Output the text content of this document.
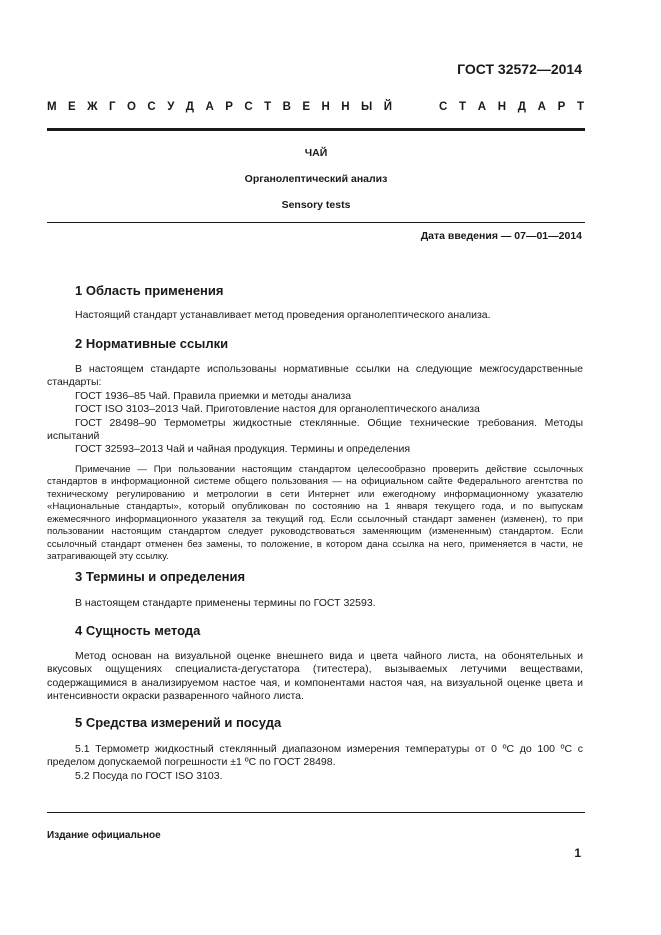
ГОСТ 32572—2014
М Е Ж Г О С У Д А Р С Т В Е Н Н Ы Й	С Т А Н Д А Р Т
ЧАЙ
Органолептический анализ
Sensory tests
Дата введения — 07—01—2014
1 Область применения

Настоящий стандарт устанавливает метод проведения органолептического анализа.

2 Нормативные ссылки

В настоящем стандарте использованы нормативные ссылки на следующие межгосударственные стандарты:

ГОСТ 1936–85 Чай. Правила приемки и методы анализа

ГОСТ ISO 3103–2013 Чай. Приготовление настоя для органолептического анализа

ГОСТ 28498–90 Термометры жидкостные стеклянные. Общие технические требования. Методы испытаний

ГОСТ 32593–2013 Чай и чайная продукция. Термины и определения

Примечание — При пользовании настоящим стандартом целесообразно проверить действие ссылочных стандартов в информационной системе общего пользования — на официальном сайте Федерального агентства по техническому регулированию и метрологии в сети Интернет или ежегодному информационному указателю «Национальные стандарты», который опубликован по состоянию на 1 января текущего года, и по выпускам ежемесячного информационного указателя за текущий год. Если ссылочный стандарт заменен (изменен), то при пользовании настоящим стандартом следует руководствоваться заменяющим (измененным) стандартом. Если ссылочный стандарт отменен без замены, то положение, в котором дана ссылка на него, применяется в части, не затрагивающей эту ссылку.

3 Термины и определения

В настоящем стандарте применены термины по ГОСТ 32593.

4 Сущность метода

Метод основан на визуальной оценке внешнего вида и цвета чайного листа, на обонятельных и вкусовых ощущениях специалиста-дегустатора (титестера), вызываемых летучими веществами, содержащимися в анализируемом настое чая, и компонентами настоя чая, на визуальной оценке цвета и интенсивности окраски разваренного чайного листа.

5 Средства измерений и посуда

5.1 Термометр жидкостный стеклянный диапазоном измерения температуры от 0 ºС до 100 ºС с пределом допускаемой погрешности ±1 ºС по ГОСТ 28498.

5.2 Посуда по ГОСТ ISO 3103.

Издание официальное
1
